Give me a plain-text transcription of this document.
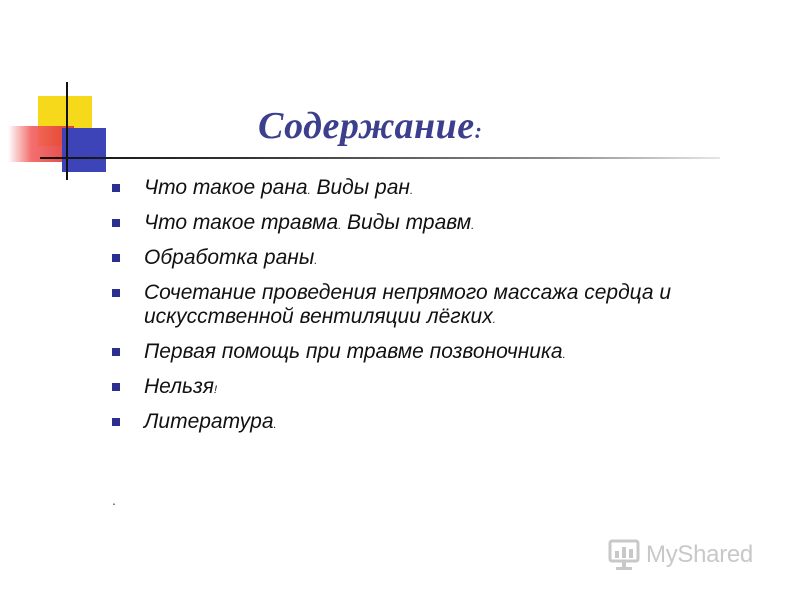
Содержание:
Что такое рана. Виды ран.
Что такое травма. Виды травм.
Обработка раны.
Сочетание проведения непрямого массажа сердца и искусственной вентиляции лёгких.
Первая помощь при травме позвоночника.
Нельзя!
Литература.
.
MyShared
